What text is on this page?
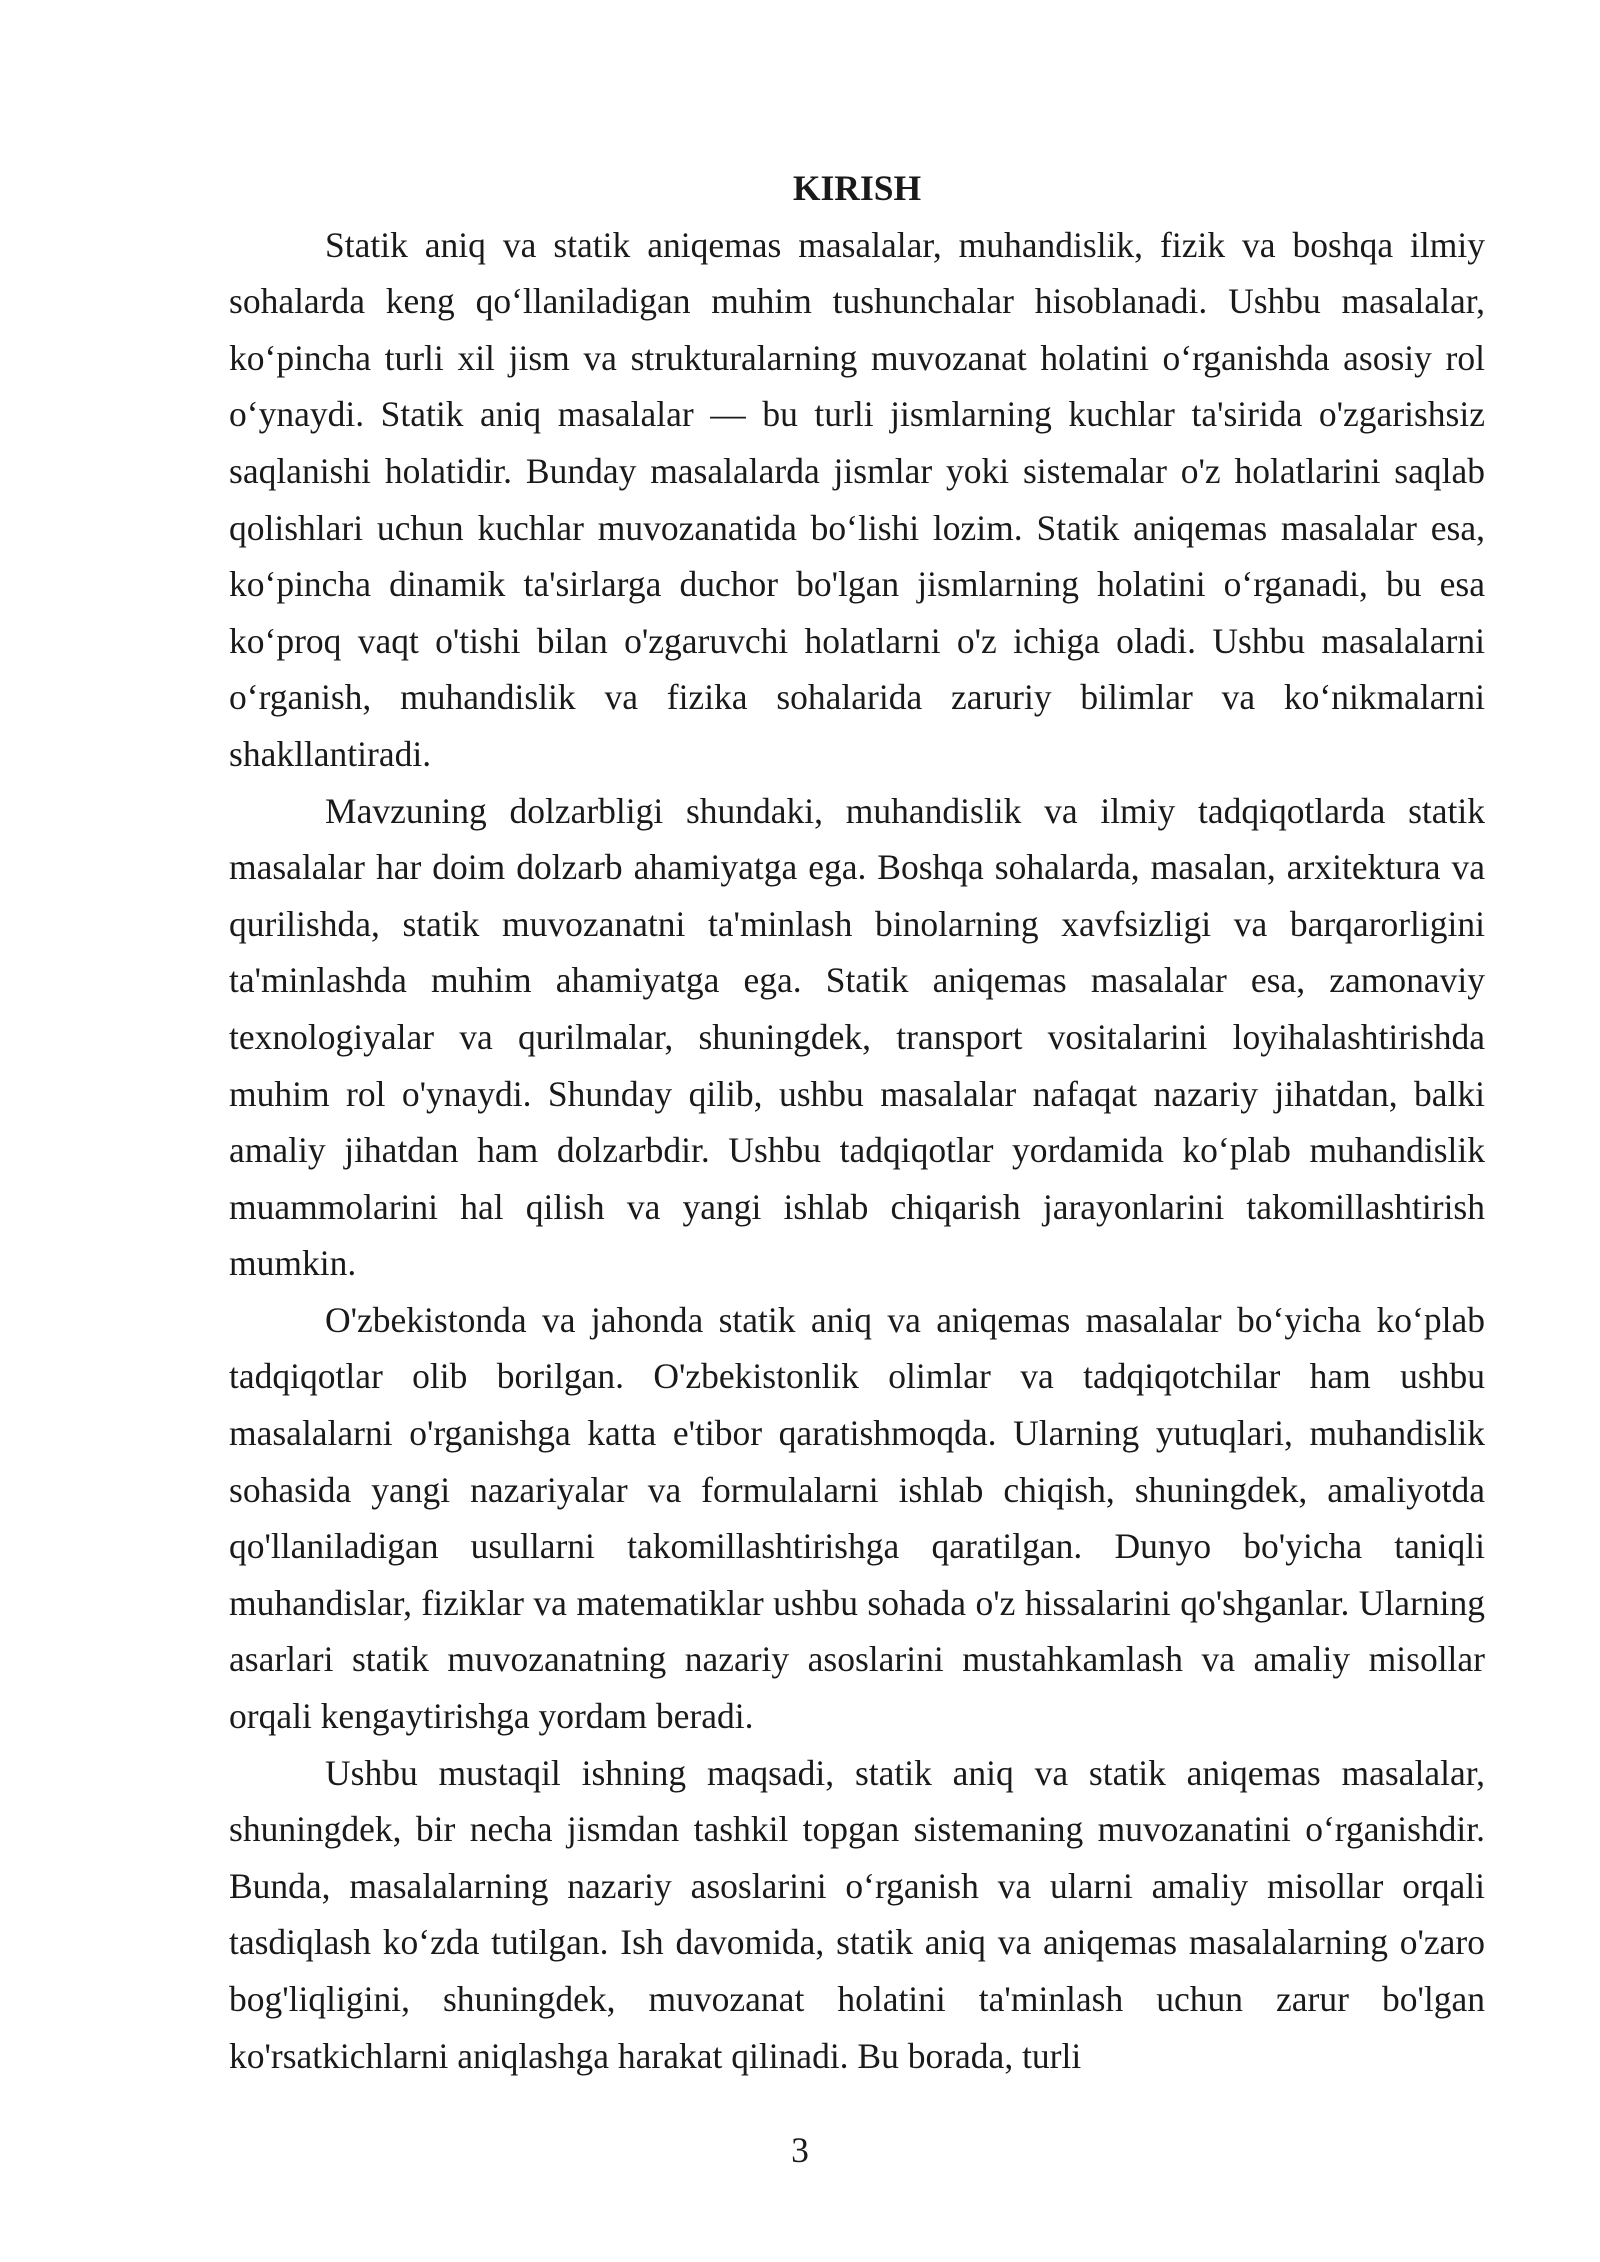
KIRISH

Statik aniq va statik aniqemas masalalar, muhandislik, fizik va boshqa ilmiy sohalarda keng qo‘llaniladigan muhim tushunchalar hisoblanadi. Ushbu masalalar, ko‘pincha turli xil jism va strukturalarning muvozanat holatini o‘rganishda asosiy rol o‘ynaydi. Statik aniq masalalar — bu turli jismlarning kuchlar ta'sirida o'zgarishsiz saqlanishi holatidir. Bunday masalalarda jismlar yoki sistemalar o'z holatlarini saqlab qolishlari uchun kuchlar muvozanatida bo‘lishi lozim. Statik aniqemas masalalar esa, ko‘pincha dinamik ta'sirlarga duchor bo'lgan jismlarning holatini o‘rganadi, bu esa ko‘proq vaqt o'tishi bilan o'zgaruvchi holatlarni o'z ichiga oladi. Ushbu masalalarni o‘rganish, muhandislik va fizika sohalarida zaruriy bilimlar va ko‘nikmalarni shakllantiradi.

Mavzuning dolzarbligi shundaki, muhandislik va ilmiy tadqiqotlarda statik masalalar har doim dolzarb ahamiyatga ega. Boshqa sohalarda, masalan, arxitektura va qurilishda, statik muvozanatni ta'minlash binolarning xavfsizligi va barqarorligini ta'minlashda muhim ahamiyatga ega. Statik aniqemas masalalar esa, zamonaviy texnologiyalar va qurilmalar, shuningdek, transport vositalarini loyihalashtirishda muhim rol o'ynaydi. Shunday qilib, ushbu masalalar nafaqat nazariy jihatdan, balki amaliy jihatdan ham dolzarbdir. Ushbu tadqiqotlar yordamida ko‘plab muhandislik muammolarini hal qilish va yangi ishlab chiqarish jarayonlarini takomillashtirish mumkin.

O'zbekistonda va jahonda statik aniq va aniqemas masalalar bo‘yicha ko‘plab tadqiqotlar olib borilgan. O'zbekistonlik olimlar va tadqiqotchilar ham ushbu masalalarni o'rganishga katta e'tibor qaratishmoqda. Ularning yutuqlari, muhandislik sohasida yangi nazariyalar va formulalarni ishlab chiqish, shuningdek, amaliyotda qo'llaniladigan usullarni takomillashtirishga qaratilgan. Dunyo bo'yicha taniqli muhandislar, fiziklar va matematiklar ushbu sohada o'z hissalarini qo'shganlar. Ularning asarlari statik muvozanatning nazariy asoslarini mustahkamlash va amaliy misollar orqali kengaytirishga yordam beradi.

Ushbu mustaqil ishning maqsadi, statik aniq va statik aniqemas masalalar, shuningdek, bir necha jismdan tashkil topgan sistemaning muvozanatini o‘rganishdir. Bunda, masalalarning nazariy asoslarini o‘rganish va ularni amaliy misollar orqali tasdiqlash ko‘zda tutilgan. Ish davomida, statik aniq va aniqemas masalalarning o'zaro bog'liqligini, shuningdek, muvozanat holatini ta'minlash uchun zarur bo'lgan ko'rsatkichlarni aniqlashga harakat qilinadi. Bu borada, turli

3
